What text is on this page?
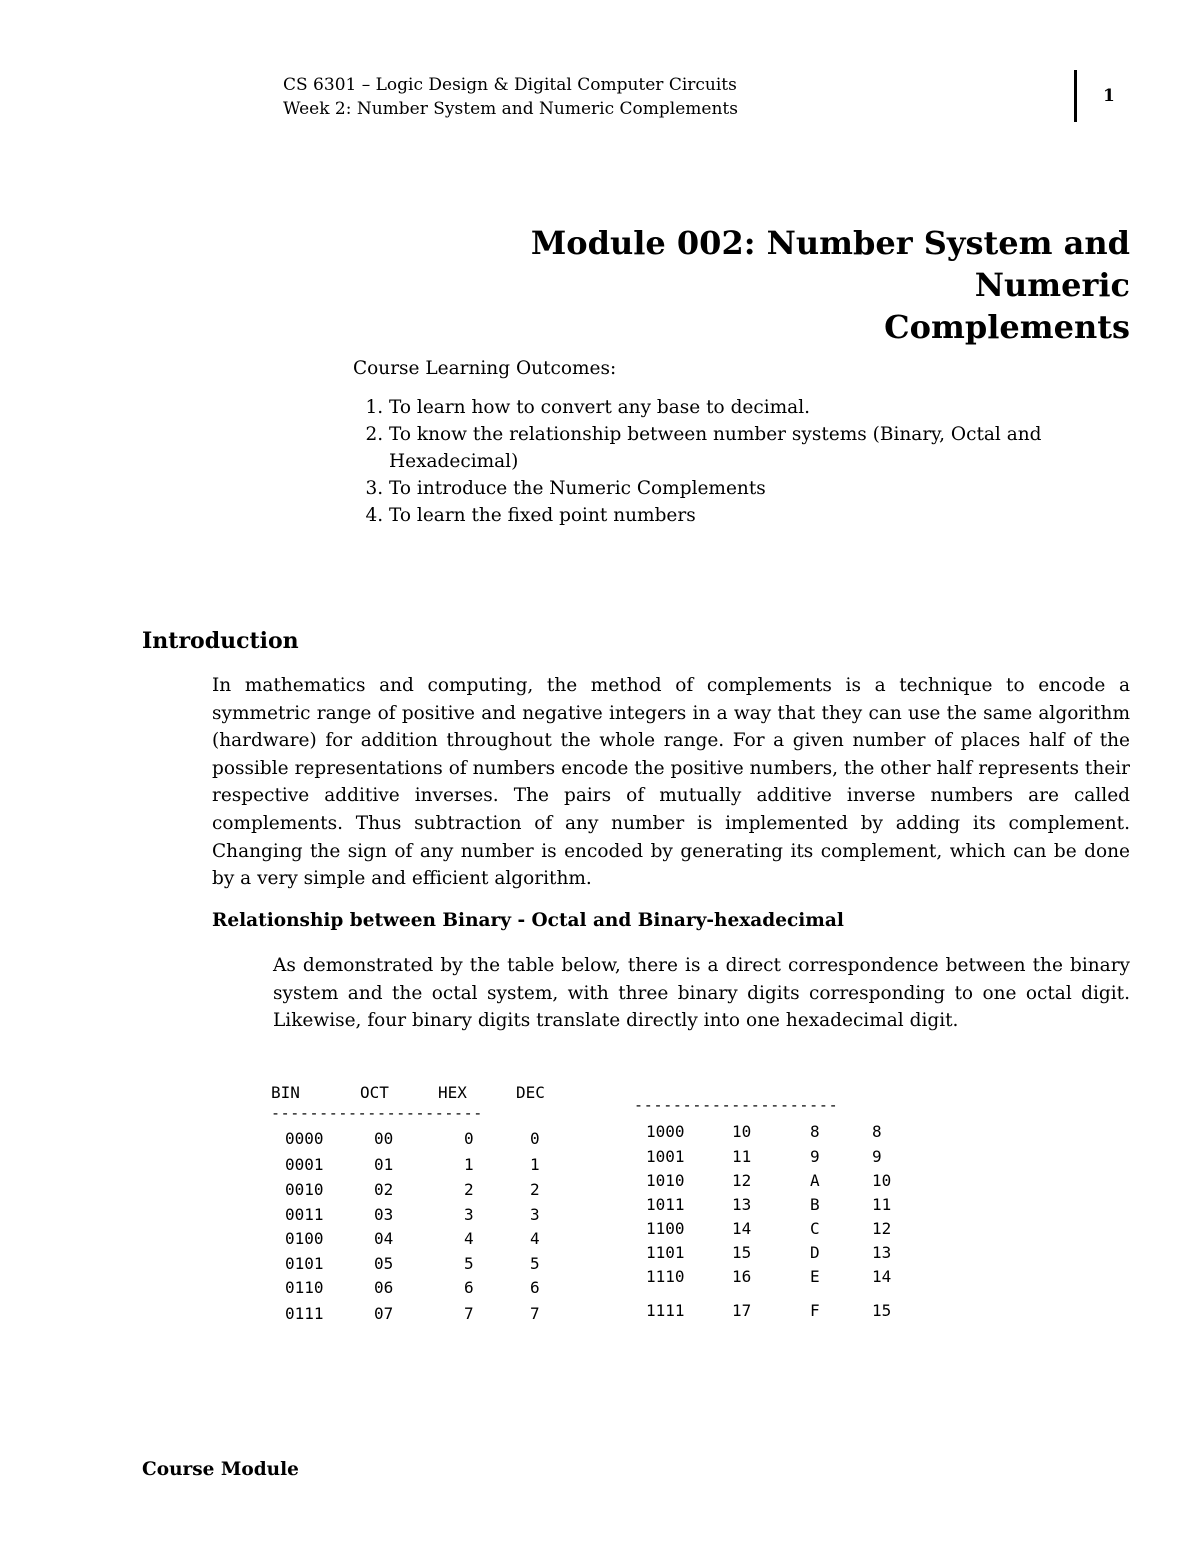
CS 6301 – Logic Design & Digital Computer Circuits
Week 2: Number System and Numeric Complements
1
Module 002: Number System and Numeric
Complements
Course Learning Outcomes:
1. To learn how to convert any base to decimal.
2. To know the relationship between number systems (Binary, Octal and Hexadecimal)
3. To introduce the Numeric Complements
4. To learn the fixed point numbers
Introduction

In mathematics and computing, the method of complements is a technique to encode a symmetric range of positive and negative integers in a way that they can use the same algorithm (hardware) for addition throughout the whole range. For a given number of places half of the possible representations of numbers encode the positive numbers, the other half represents their respective additive inverses. The pairs of mutually additive inverse numbers are called complements. Thus subtraction of any number is implemented by adding its complement. Changing the sign of any number is encoded by generating its complement, which can be done by a very simple and efficient algorithm.

Relationship between Binary - Octal and Binary-hexadecimal

As demonstrated by the table below, there is a direct correspondence between the binary system and the octal system, with three binary digits corresponding to one octal digit. Likewise, four binary digits translate directly into one hexadecimal digit.

BIN	OCT	HEX	DEC
----------------------	---------------------
0000	00	0	0
0001	01	1	1
0010	02	2	2
0011	03	3	3
0100	04	4	4
0101	05	5	5
0110	06	6	6
0111	07	7	7
1000	10	8	8
1001	11	9	9
1010	12	A	10
1011	13	B	11
1100	14	C	12
1101	15	D	13
1110	16	E	14
1111	17	F	15
Course Module
